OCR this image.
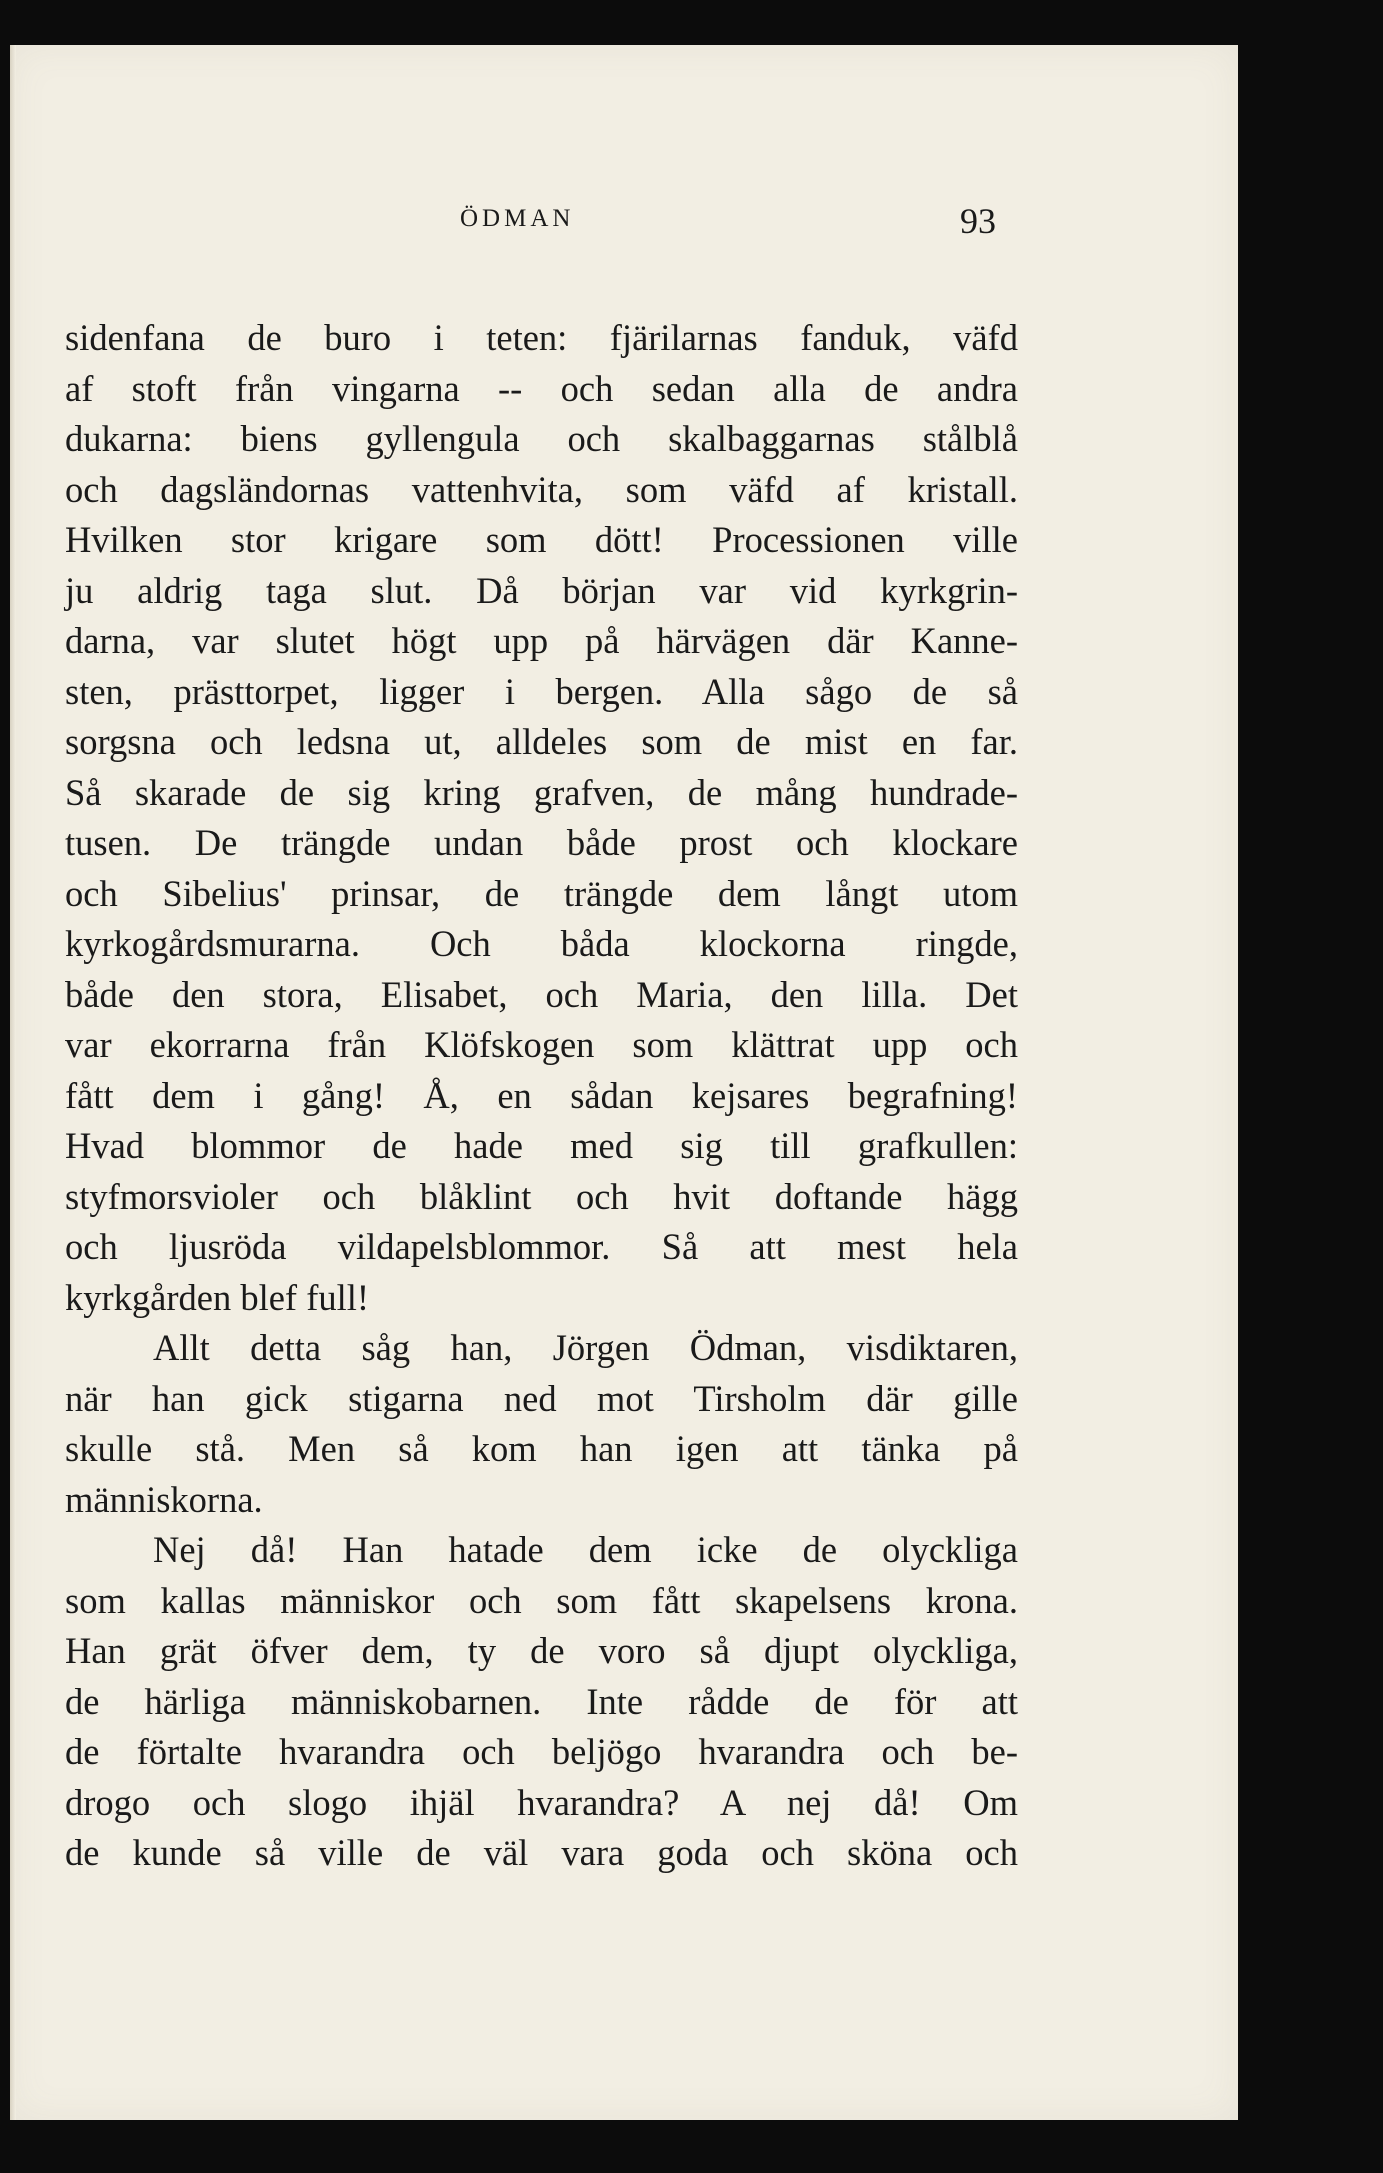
ÖDMAN	93
sidenfana de buro i teten: fjärilarnas fanduk, väfd
af stoft från vingarna -- och sedan alla de andra
dukarna: biens gyllengula och skalbaggarnas stålblå
och dagsländornas vattenhvita, som väfd af kristall.
Hvilken stor krigare som dött! Processionen ville
ju aldrig taga slut. Då början var vid kyrkgrin-
darna, var slutet högt upp på härvägen där Kanne-
sten, prästtorpet, ligger i bergen. Alla sågo de så
sorgsna och ledsna ut, alldeles som de mist en far.
Så skarade de sig kring grafven, de mång hundrade-
tusen. De trängde undan både prost och klockare
och Sibelius' prinsar, de trängde dem långt utom
kyrkogårdsmurarna. Och båda klockorna ringde,
både den stora, Elisabet, och Maria, den lilla. Det
var ekorrarna från Klöfskogen som klättrat upp och
fått dem i gång! Å, en sådan kejsares begrafning!
Hvad blommor de hade med sig till grafkullen:
styfmorsvioler och blåklint och hvit doftande hägg
och ljusröda vildapelsblommor. Så att mest hela
kyrkgården blef full!
Allt detta såg han, Jörgen Ödman, visdiktaren,
när han gick stigarna ned mot Tirsholm där gille
skulle stå. Men så kom han igen att tänka på
människorna.
Nej då! Han hatade dem icke de olyckliga
som kallas människor och som fått skapelsens krona.
Han grät öfver dem, ty de voro så djupt olyckliga,
de härliga människobarnen. Inte rådde de för att
de förtalte hvarandra och beljögo hvarandra och be-
drogo och slogo ihjäl hvarandra? A nej då! Om
de kunde så ville de väl vara goda och sköna och
